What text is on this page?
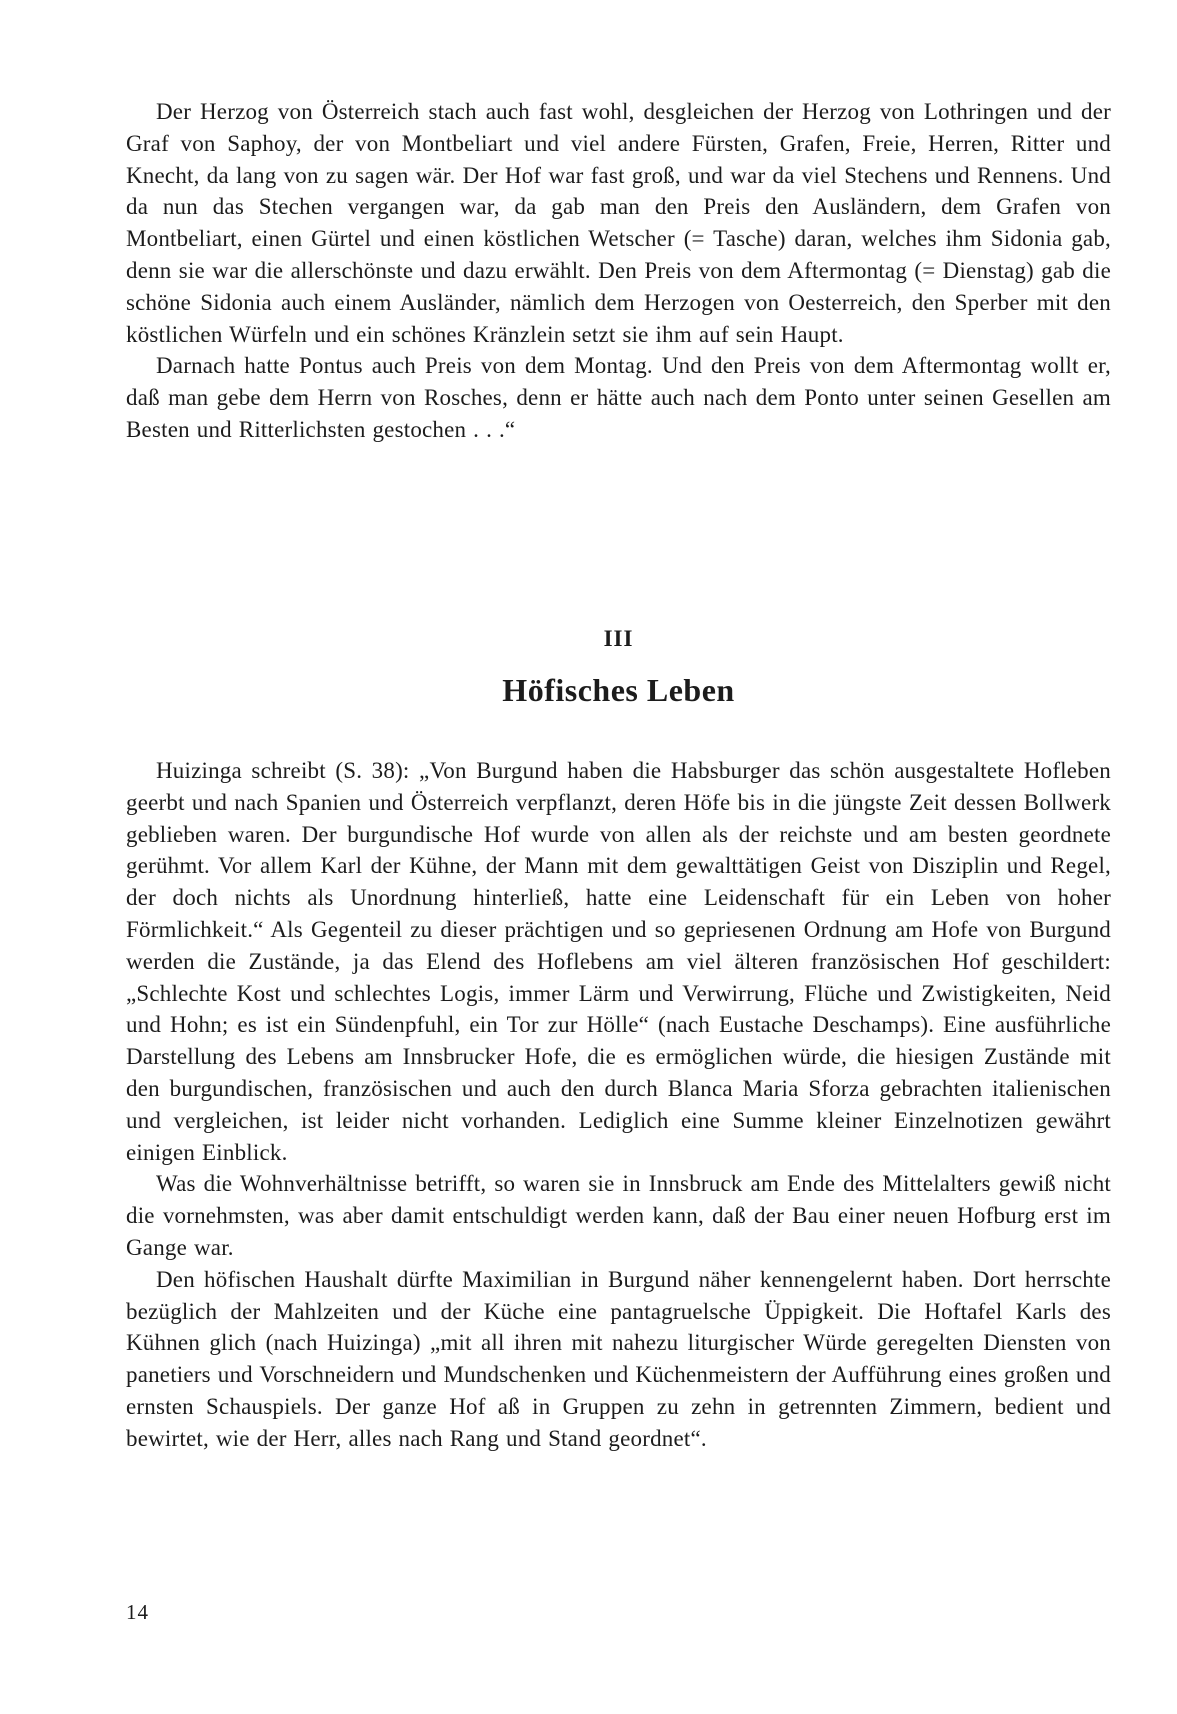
Der Herzog von Österreich stach auch fast wohl, desgleichen der Herzog von Lothringen und der Graf von Saphoy, der von Montbeliart und viel andere Fürsten, Grafen, Freie, Herren, Ritter und Knecht, da lang von zu sagen wär. Der Hof war fast groß, und war da viel Stechens und Rennens. Und da nun das Stechen vergangen war, da gab man den Preis den Ausländern, dem Grafen von Montbeliart, einen Gürtel und einen köstlichen Wetscher (= Tasche) daran, welches ihm Sidonia gab, denn sie war die allerschönste und dazu erwählt. Den Preis von dem Aftermontag (= Dienstag) gab die schöne Sidonia auch einem Ausländer, nämlich dem Herzogen von Oesterreich, den Sperber mit den köstlichen Würfeln und ein schönes Kränzlein setzt sie ihm auf sein Haupt.

Darnach hatte Pontus auch Preis von dem Montag. Und den Preis von dem Aftermontag wollt er, daß man gebe dem Herrn von Rosches, denn er hätte auch nach dem Ponto unter seinen Gesellen am Besten und Ritterlichsten gestochen . . .“

III
Höfisches Leben

Huizinga schreibt (S. 38): „Von Burgund haben die Habsburger das schön ausgestaltete Hofleben geerbt und nach Spanien und Österreich verpflanzt, deren Höfe bis in die jüngste Zeit dessen Bollwerk geblieben waren. Der burgundische Hof wurde von allen als der reichste und am besten geordnete gerühmt. Vor allem Karl der Kühne, der Mann mit dem gewalttätigen Geist von Disziplin und Regel, der doch nichts als Unordnung hinterließ, hatte eine Leidenschaft für ein Leben von hoher Förmlichkeit.“ Als Gegenteil zu dieser prächtigen und so gepriesenen Ordnung am Hofe von Burgund werden die Zustände, ja das Elend des Hoflebens am viel älteren französischen Hof geschildert: „Schlechte Kost und schlechtes Logis, immer Lärm und Verwirrung, Flüche und Zwistigkeiten, Neid und Hohn; es ist ein Sündenpfuhl, ein Tor zur Hölle“ (nach Eustache Deschamps). Eine ausführliche Darstellung des Lebens am Innsbrucker Hofe, die es ermöglichen würde, die hiesigen Zustände mit den burgundischen, französischen und auch den durch Blanca Maria Sforza gebrachten italienischen und vergleichen, ist leider nicht vorhanden. Lediglich eine Summe kleiner Einzelnotizen gewährt einigen Einblick.

Was die Wohnverhältnisse betrifft, so waren sie in Innsbruck am Ende des Mittelalters gewiß nicht die vornehmsten, was aber damit entschuldigt werden kann, daß der Bau einer neuen Hofburg erst im Gange war.

Den höfischen Haushalt dürfte Maximilian in Burgund näher kennengelernt haben. Dort herrschte bezüglich der Mahlzeiten und der Küche eine pantagruelsche Üppigkeit. Die Hoftafel Karls des Kühnen glich (nach Huizinga) „mit all ihren mit nahezu liturgischer Würde geregelten Diensten von panetiers und Vorschneidern und Mundschenken und Küchenmeistern der Aufführung eines großen und ernsten Schauspiels. Der ganze Hof aß in Gruppen zu zehn in getrennten Zimmern, bedient und bewirtet, wie der Herr, alles nach Rang und Stand geordnet“.

14
